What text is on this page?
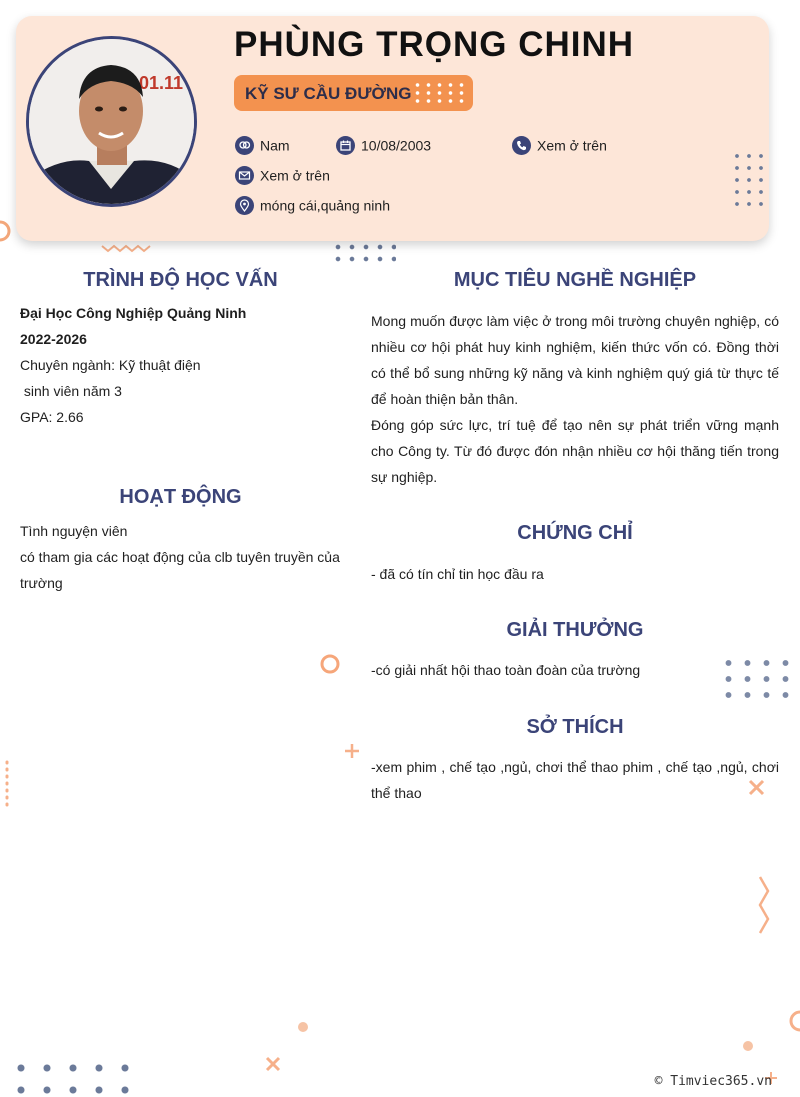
01.11
PHÙNG TRỌNG CHINH
KỸ SƯ CẦU ĐƯỜNG
Nam	10/08/2003	Xem ở trên
Xem ở trên
móng cái,quảng ninh
TRÌNH ĐỘ HỌC VẤN

Đại Học Công Nghiệp Quảng Ninh

2022-2026

Chuyên ngành: Kỹ thuật điện

sinh viên năm 3

GPA: 2.66

HOẠT ĐỘNG

Tình nguyện viên

có tham gia các hoạt động của clb tuyên truyền của trường

MỤC TIÊU NGHỀ NGHIỆP

Mong muốn được làm việc ở trong môi trường chuyên nghiệp, có nhiều cơ hội phát huy kinh nghiệm, kiến thức vốn có. Đồng thời có thể bổ sung những kỹ năng và kinh nghiệm quý giá từ thực tế để hoàn thiện bản thân.

Đóng góp sức lực, trí tuệ để tạo nên sự phát triển vững mạnh cho Công ty. Từ đó được đón nhận nhiều cơ hội thăng tiến trong sự nghiệp.

CHỨNG CHỈ

- đã có tín chỉ tin học đầu ra

GIẢI THƯỞNG

-có giải nhất hội thao toàn đoàn của trường

SỞ THÍCH

-xem phim , chế tạo ,ngủ, chơi thể thao phim , chế tạo ,ngủ, chơi thể thao

© Timviec365.vn
